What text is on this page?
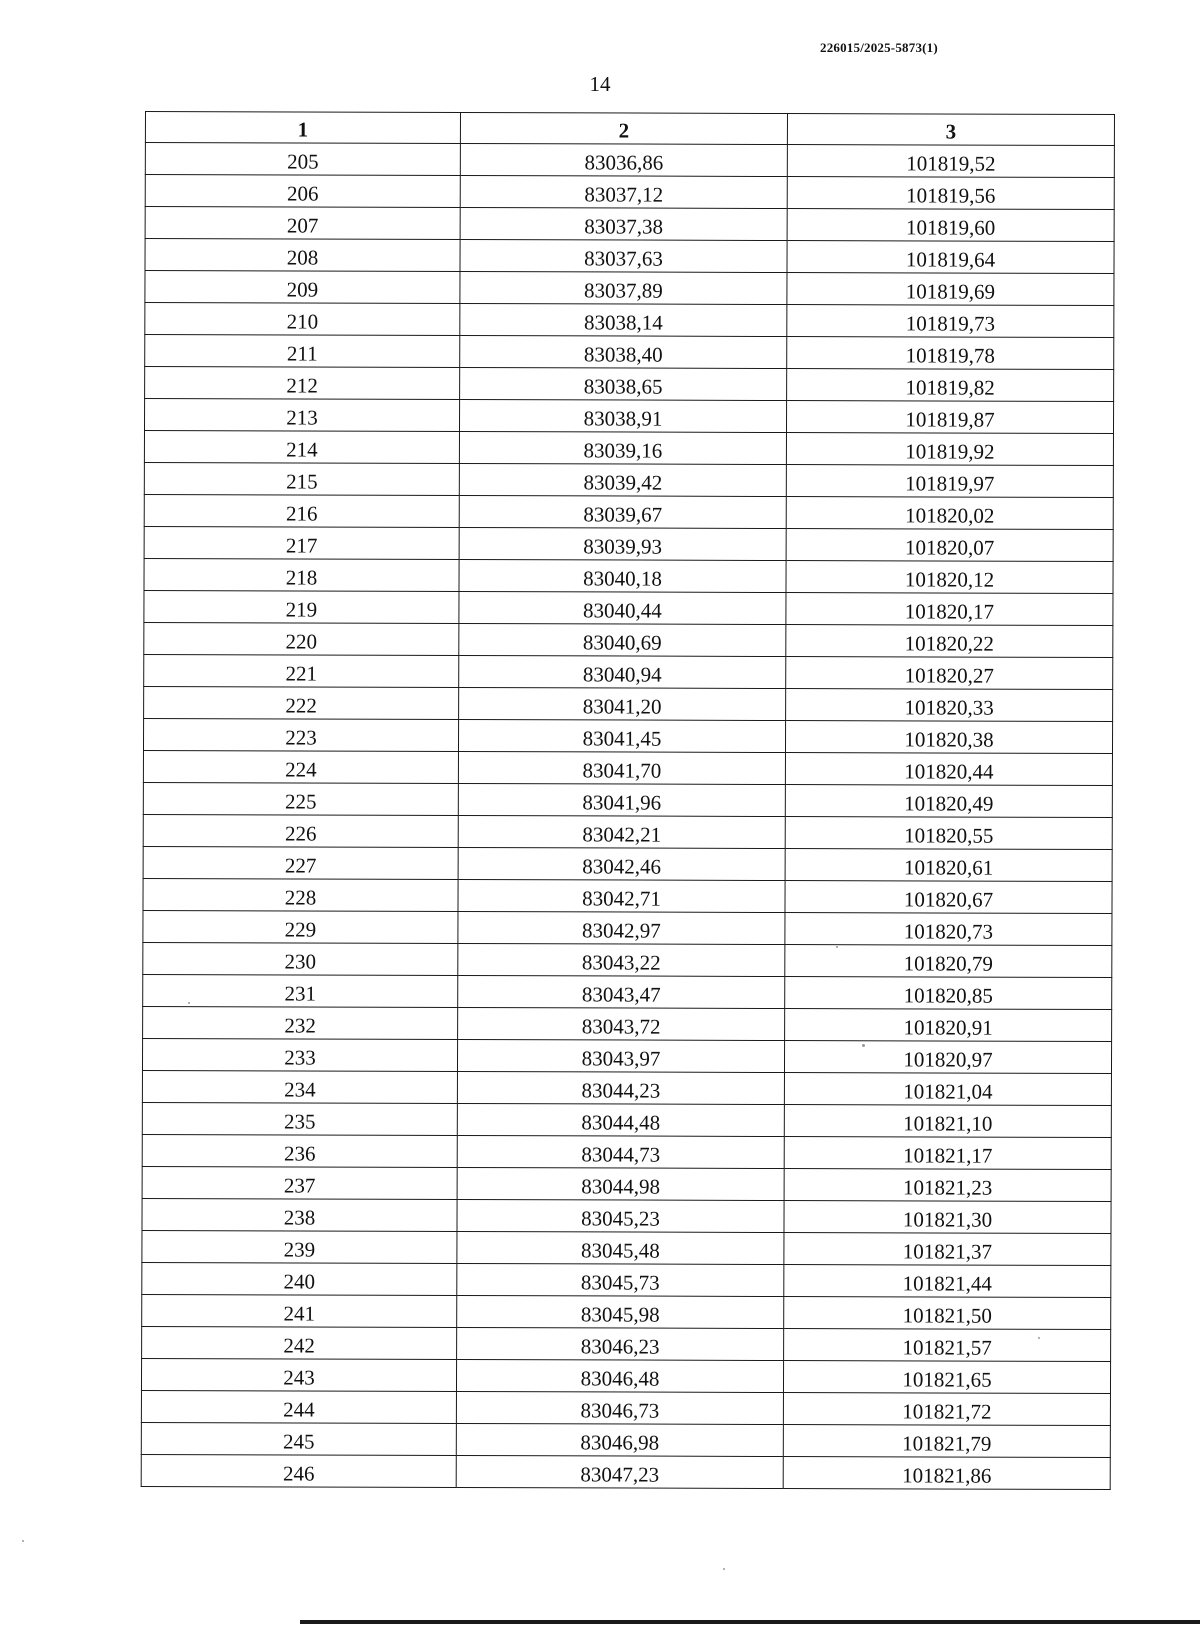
226015/2025-5873(1)
14
1	2	3
205	83036,86	101819,52
206	83037,12	101819,56
207	83037,38	101819,60
208	83037,63	101819,64
209	83037,89	101819,69
210	83038,14	101819,73
211	83038,40	101819,78
212	83038,65	101819,82
213	83038,91	101819,87
214	83039,16	101819,92
215	83039,42	101819,97
216	83039,67	101820,02
217	83039,93	101820,07
218	83040,18	101820,12
219	83040,44	101820,17
220	83040,69	101820,22
221	83040,94	101820,27
222	83041,20	101820,33
223	83041,45	101820,38
224	83041,70	101820,44
225	83041,96	101820,49
226	83042,21	101820,55
227	83042,46	101820,61
228	83042,71	101820,67
229	83042,97	101820,73
230	83043,22	101820,79
231	83043,47	101820,85
232	83043,72	101820,91
233	83043,97	101820,97
234	83044,23	101821,04
235	83044,48	101821,10
236	83044,73	101821,17
237	83044,98	101821,23
238	83045,23	101821,30
239	83045,48	101821,37
240	83045,73	101821,44
241	83045,98	101821,50
242	83046,23	101821,57
243	83046,48	101821,65
244	83046,73	101821,72
245	83046,98	101821,79
246	83047,23	101821,86
